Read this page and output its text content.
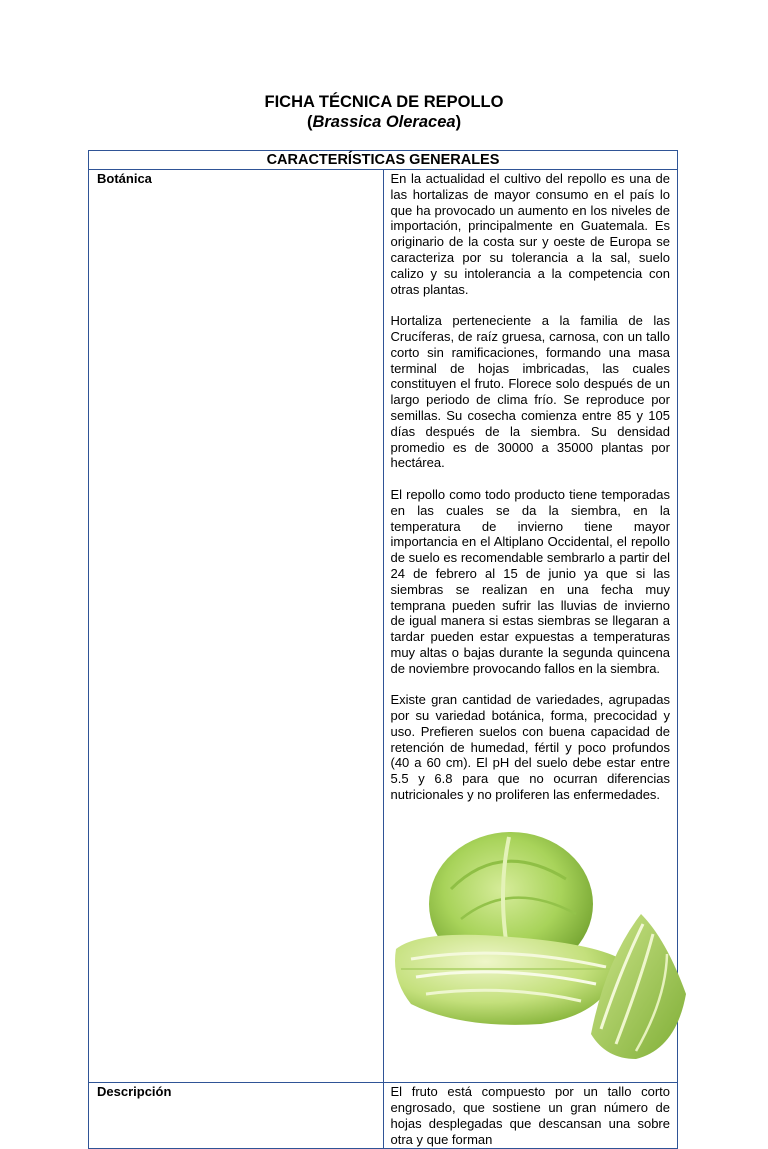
FICHA TÉCNICA DE REPOLLO
(Brassica Oleracea)
CARACTERÍSTICAS GENERALES	
Botánica	En la actualidad el cultivo del repollo es una de las hortalizas de mayor consumo en el país lo que ha provocado un aumento en los niveles de importación, principalmente en Guatemala. Es originario de la costa sur y oeste de Europa se caracteriza por su tolerancia a la sal, suelo calizo y su intolerancia a la competencia con otras plantas.

Hortaliza perteneciente a la familia de las Crucíferas, de raíz gruesa, carnosa, con un tallo corto sin ramificaciones, formando una masa terminal de hojas imbricadas, las cuales constituyen el fruto. Florece solo después de un largo periodo de clima frío. Se reproduce por semillas. Su cosecha comienza entre 85 y 105 días después de la siembra. Su densidad promedio es de 30000 a 35000 plantas por hectárea.

El repollo como todo producto tiene temporadas en las cuales se da la siembra, en la temperatura de invierno tiene mayor importancia en el Altiplano Occidental, el repollo de suelo es recomendable sembrarlo a partir del 24 de febrero al 15 de junio ya que si las siembras se realizan en una fecha muy temprana pueden sufrir las lluvias de invierno de igual manera si estas siembras se llegaran a tardar pueden estar expuestas a temperaturas muy altas o bajas durante la segunda quincena de noviembre provocando fallos en la siembra.

Existe gran cantidad de variedades, agrupadas por su variedad botánica, forma, precocidad y uso. Prefieren suelos con buena capacidad de retención de humedad, fértil y poco profundos (40 a 60 cm). El pH del suelo debe estar entre 5.5 y 6.8 para que no ocurran diferencias nutricionales y no proliferen las enfermedades.

Descripción	El fruto está compuesto por un tallo corto engrosado, que sostiene un gran número de hojas desplegadas que descansan una sobre otra y que forman
